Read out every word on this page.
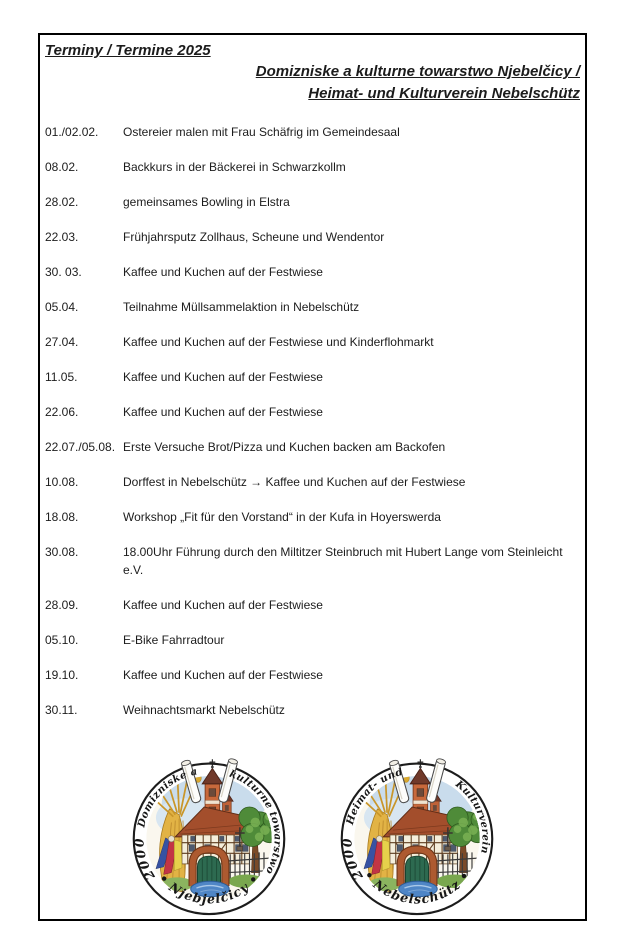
Terminy / Termine 2025
Domizniske a kulturne towarstwo Njebelčicy /
Heimat- und Kulturverein Nebelschütz
01./02.02.	Ostereier malen mit Frau Schäfrig im Gemeindesaal
08.02.	Backkurs in der Bäckerei in Schwarzkollm
28.02.	gemeinsames Bowling in Elstra
22.03.	Frühjahrsputz Zollhaus, Scheune und Wendentor
30. 03.	Kaffee und Kuchen auf der Festwiese
05.04.	Teilnahme Müllsammelaktion in Nebelschütz
27.04.	Kaffee und Kuchen auf der Festwiese und Kinderflohmarkt
11.05.	Kaffee und Kuchen auf der Festwiese
22.06.	Kaffee und Kuchen auf der Festwiese
22.07./05.08. Erste Versuche Brot/Pizza und Kuchen backen am Backofen
10.08.	Dorffest in Nebelschütz → Kaffee und Kuchen auf der Festwiese
18.08.	Workshop „Fit für den Vorstand“ in der Kufa in Hoyerswerda
30.08.	18.00Uhr Führung durch den Miltitzer Steinbruch mit Hubert Lange vom Steinleicht e.V.
28.09.	Kaffee und Kuchen auf der Festwiese
05.10.	E-Bike Fahrradtour
19.10.	Kaffee und Kuchen auf der Festwiese
30.11.	Weihnachtsmarkt Nebelschütz
2000
Domizniske a	kulturne towarstwo
• Njebjelčicy •	2000
Heimat- und
Kulturverein
• Nebelschütz •
